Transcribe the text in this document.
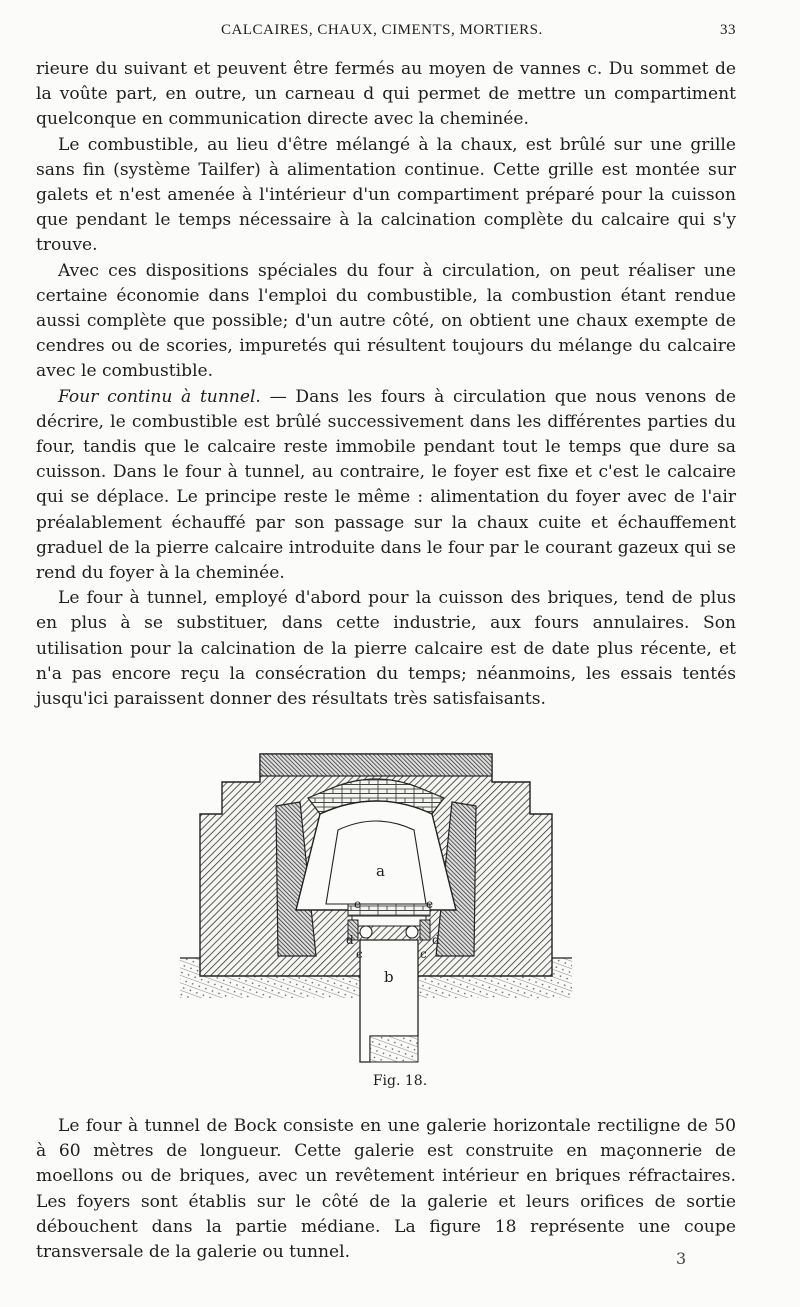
CALCAIRES, CHAUX, CIMENTS, MORTIERS.	33

rieure du suivant et peuvent être fermés au moyen de vannes c. Du sommet de la voûte part, en outre, un carneau d qui permet de mettre un compartiment quelconque en communication directe avec la cheminée.

Le combustible, au lieu d'être mélangé à la chaux, est brûlé sur une grille sans fin (système Tailfer) à alimentation continue. Cette grille est montée sur galets et n'est amenée à l'intérieur d'un compartiment préparé pour la cuisson que pendant le temps nécessaire à la calcination complète du calcaire qui s'y trouve.

Avec ces dispositions spéciales du four à circulation, on peut réaliser une certaine économie dans l'emploi du combustible, la combustion étant rendue aussi complète que possible; d'un autre côté, on obtient une chaux exempte de cendres ou de scories, impuretés qui résultent toujours du mélange du calcaire avec le combustible.

Four continu à tunnel. — Dans les fours à circulation que nous venons de décrire, le combustible est brûlé successivement dans les différentes parties du four, tandis que le calcaire reste immobile pendant tout le temps que dure sa cuisson. Dans le four à tunnel, au contraire, le foyer est fixe et c'est le calcaire qui se déplace. Le principe reste le même : alimentation du foyer avec de l'air préalablement échauffé par son passage sur la chaux cuite et échauffement graduel de la pierre calcaire introduite dans le four par le courant gazeux qui se rend du foyer à la cheminée.

Le four à tunnel, employé d'abord pour la cuisson des briques, tend de plus en plus à se substituer, dans cette industrie, aux fours annulaires. Son utilisation pour la calcination de la pierre calcaire est de date plus récente, et n'a pas encore reçu la consécration du temps; néanmoins, les essais tentés jusqu'ici paraissent donner des résultats très satisfaisants.

a
b
e	e
d	d
c	c
Fig. 18.

Le four à tunnel de Bock consiste en une galerie horizontale rectiligne de 50 à 60 mètres de longueur. Cette galerie est construite en maçonnerie de moellons ou de briques, avec un revêtement intérieur en briques réfractaires. Les foyers sont établis sur le côté de la galerie et leurs orifices de sortie débouchent dans la partie médiane. La figure 18 représente une coupe transversale de la galerie ou tunnel.	3
